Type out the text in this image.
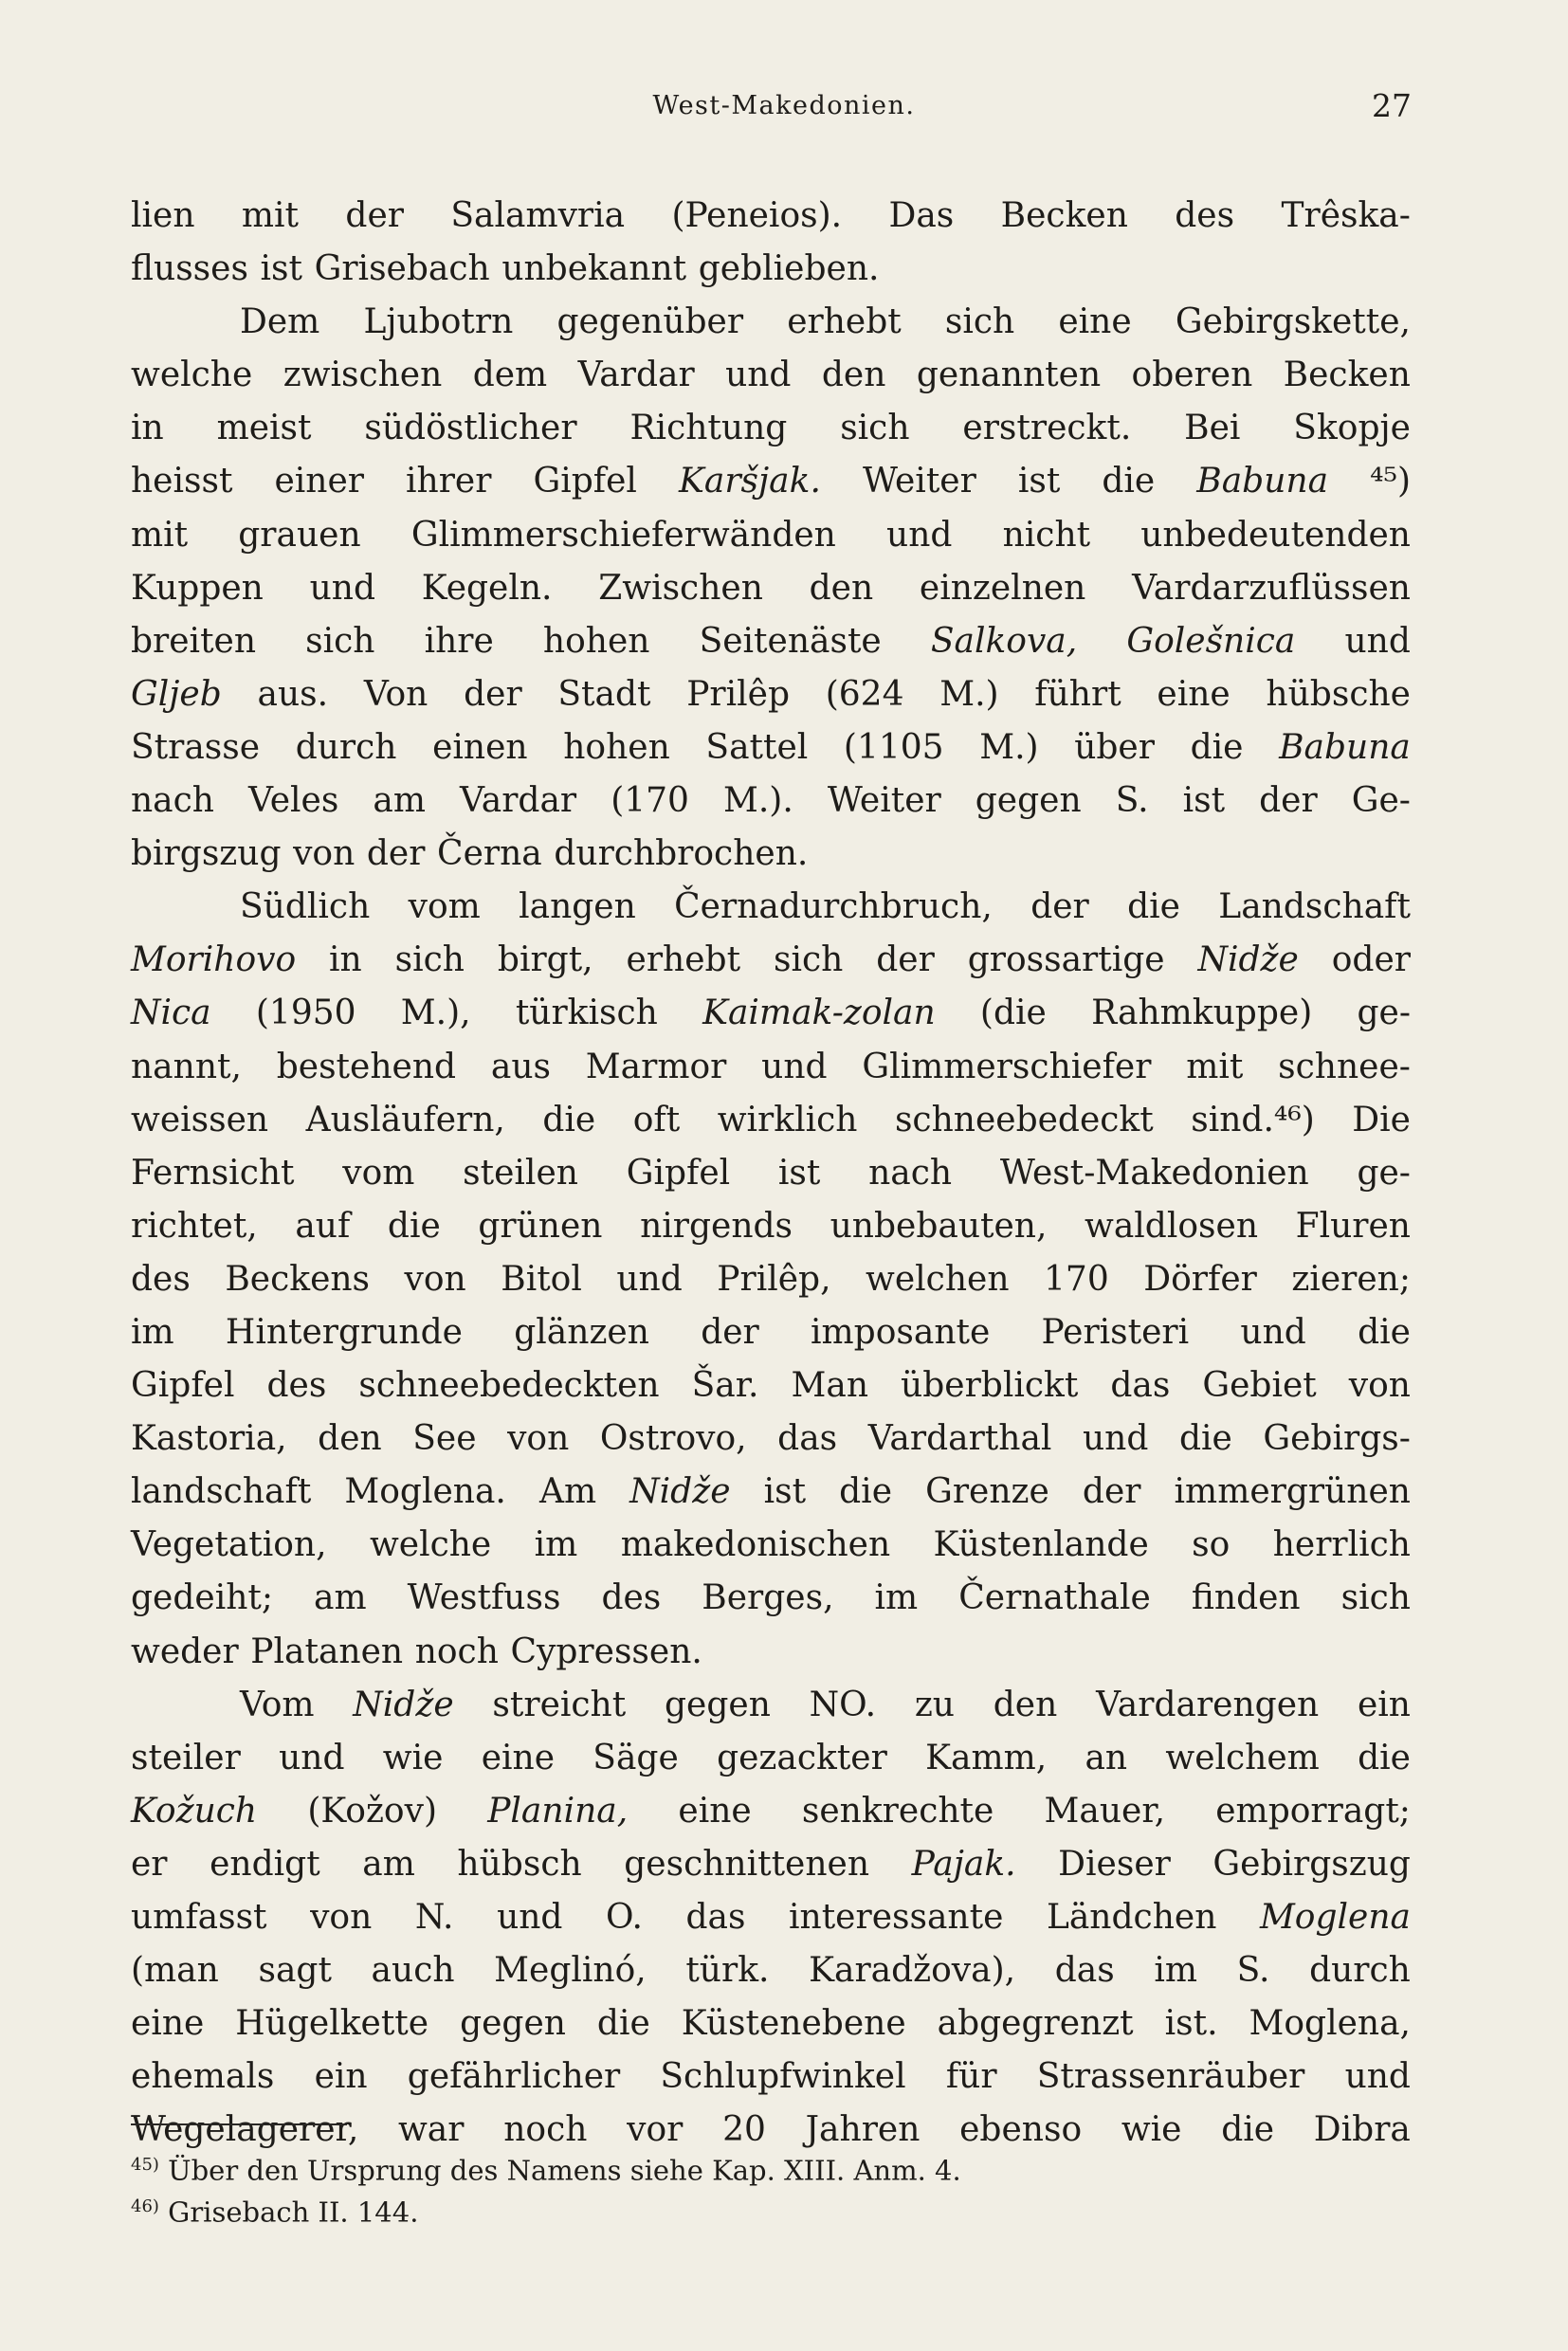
West-Makedonien.	27
lien mit der Salamvria (Peneios). Das Becken des Trêska-
flusses ist Grisebach unbekannt geblieben.
Dem Ljubotrn gegenüber erhebt sich eine Gebirgskette,
welche zwischen dem Vardar und den genannten oberen Becken
in meist südöstlicher Richtung sich erstreckt. Bei Skopje
heisst einer ihrer Gipfel Karšjak. Weiter ist die Babuna ⁴⁵)
mit grauen Glimmerschieferwänden und nicht unbedeutenden
Kuppen und Kegeln. Zwischen den einzelnen Vardarzuflüssen
breiten sich ihre hohen Seitenäste Salkova, Golešnica und
Gljeb aus. Von der Stadt Prilêp (624 M.) führt eine hübsche
Strasse durch einen hohen Sattel (1105 M.) über die Babuna
nach Veles am Vardar (170 M.). Weiter gegen S. ist der Ge-
birgszug von der Černa durchbrochen.
Südlich vom langen Černadurchbruch, der die Landschaft
Morihovo in sich birgt, erhebt sich der grossartige Nidže oder
Nica (1950 M.), türkisch Kaimak-zolan (die Rahmkuppe) ge-
nannt, bestehend aus Marmor und Glimmerschiefer mit schnee-
weissen Ausläufern, die oft wirklich schneebedeckt sind.⁴⁶) Die
Fernsicht vom steilen Gipfel ist nach West-Makedonien ge-
richtet, auf die grünen nirgends unbebauten, waldlosen Fluren
des Beckens von Bitol und Prilêp, welchen 170 Dörfer zieren;
im Hintergrunde glänzen der imposante Peristeri und die
Gipfel des schneebedeckten Šar. Man überblickt das Gebiet von
Kastoria, den See von Ostrovo, das Vardarthal und die Gebirgs-
landschaft Moglena. Am Nidže ist die Grenze der immergrünen
Vegetation, welche im makedonischen Küstenlande so herrlich
gedeiht; am Westfuss des Berges, im Černathale finden sich
weder Platanen noch Cypressen.
Vom Nidže streicht gegen NO. zu den Vardarengen ein
steiler und wie eine Säge gezackter Kamm, an welchem die
Kožuch (Kožov) Planina, eine senkrechte Mauer, emporragt;
er endigt am hübsch geschnittenen Pajak. Dieser Gebirgszug
umfasst von N. und O. das interessante Ländchen Moglena
(man sagt auch Meglinó, türk. Karadžova), das im S. durch
eine Hügelkette gegen die Küstenebene abgegrenzt ist. Moglena,
ehemals ein gefährlicher Schlupfwinkel für Strassenräuber und
Wegelagerer, war noch vor 20 Jahren ebenso wie die Dibra
$^{45)}$ Über den Ursprung des Namens siehe Kap. XIII. Anm. 4.
$^{46)}$ Grisebach II. 144.
